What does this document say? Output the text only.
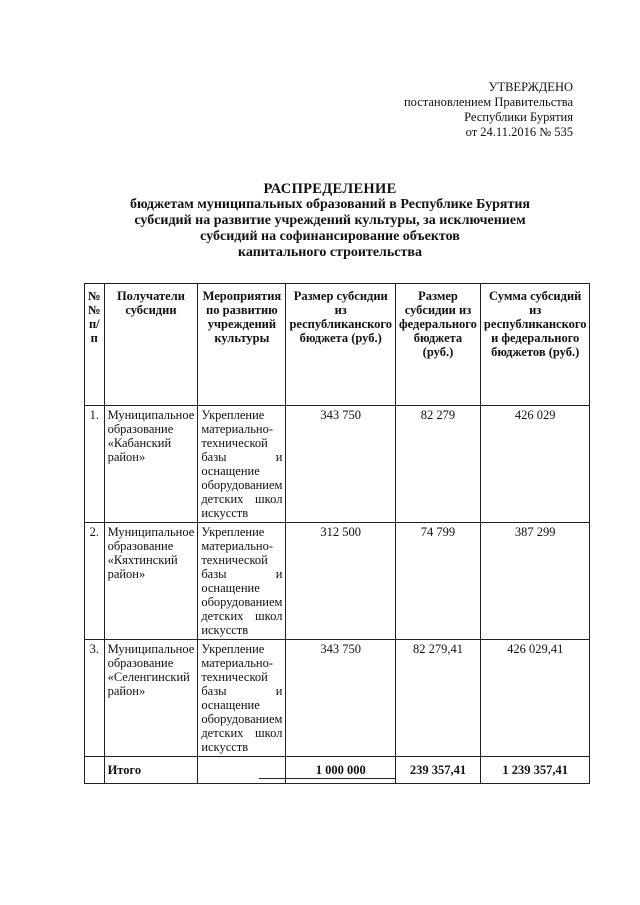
УТВЕРЖДЕНО
постановлением Правительства
Республики Бурятия
от 24.11.2016 № 535
РАСПРЕДЕЛЕНИЕ
бюджетам муниципальных образований в Республике Бурятия
субсидий на развитие учреждений культуры, за исключением
субсидий на софинансирование объектов
капитального строительства
№№ п/п	Получатели субсидии	Мероприятия по развитию учреждений культуры	Размер субсидии из республиканского бюджета (руб.)	Размер субсидии из федерального бюджета (руб.)	Сумма субсидий из республиканского и федерального бюджетов (руб.)
1.	Муниципальное образование «Кабанский район»	Укрепление материально-технической базы и оснащение оборудованием детских школ искусств	343 750	82 279	426 029
2.	Муниципальное образование «Кяхтинский район»	Укрепление материально-технической базы и оснащение оборудованием детских школ искусств	312 500	74 799	387 299
3.	Муниципальное образование «Селенгинский район»	Укрепление материально-технической базы и оснащение оборудованием детских школ искусств	343 750	82 279,41	426 029,41
	Итого		1 000 000	239 357,41	1 239 357,41
